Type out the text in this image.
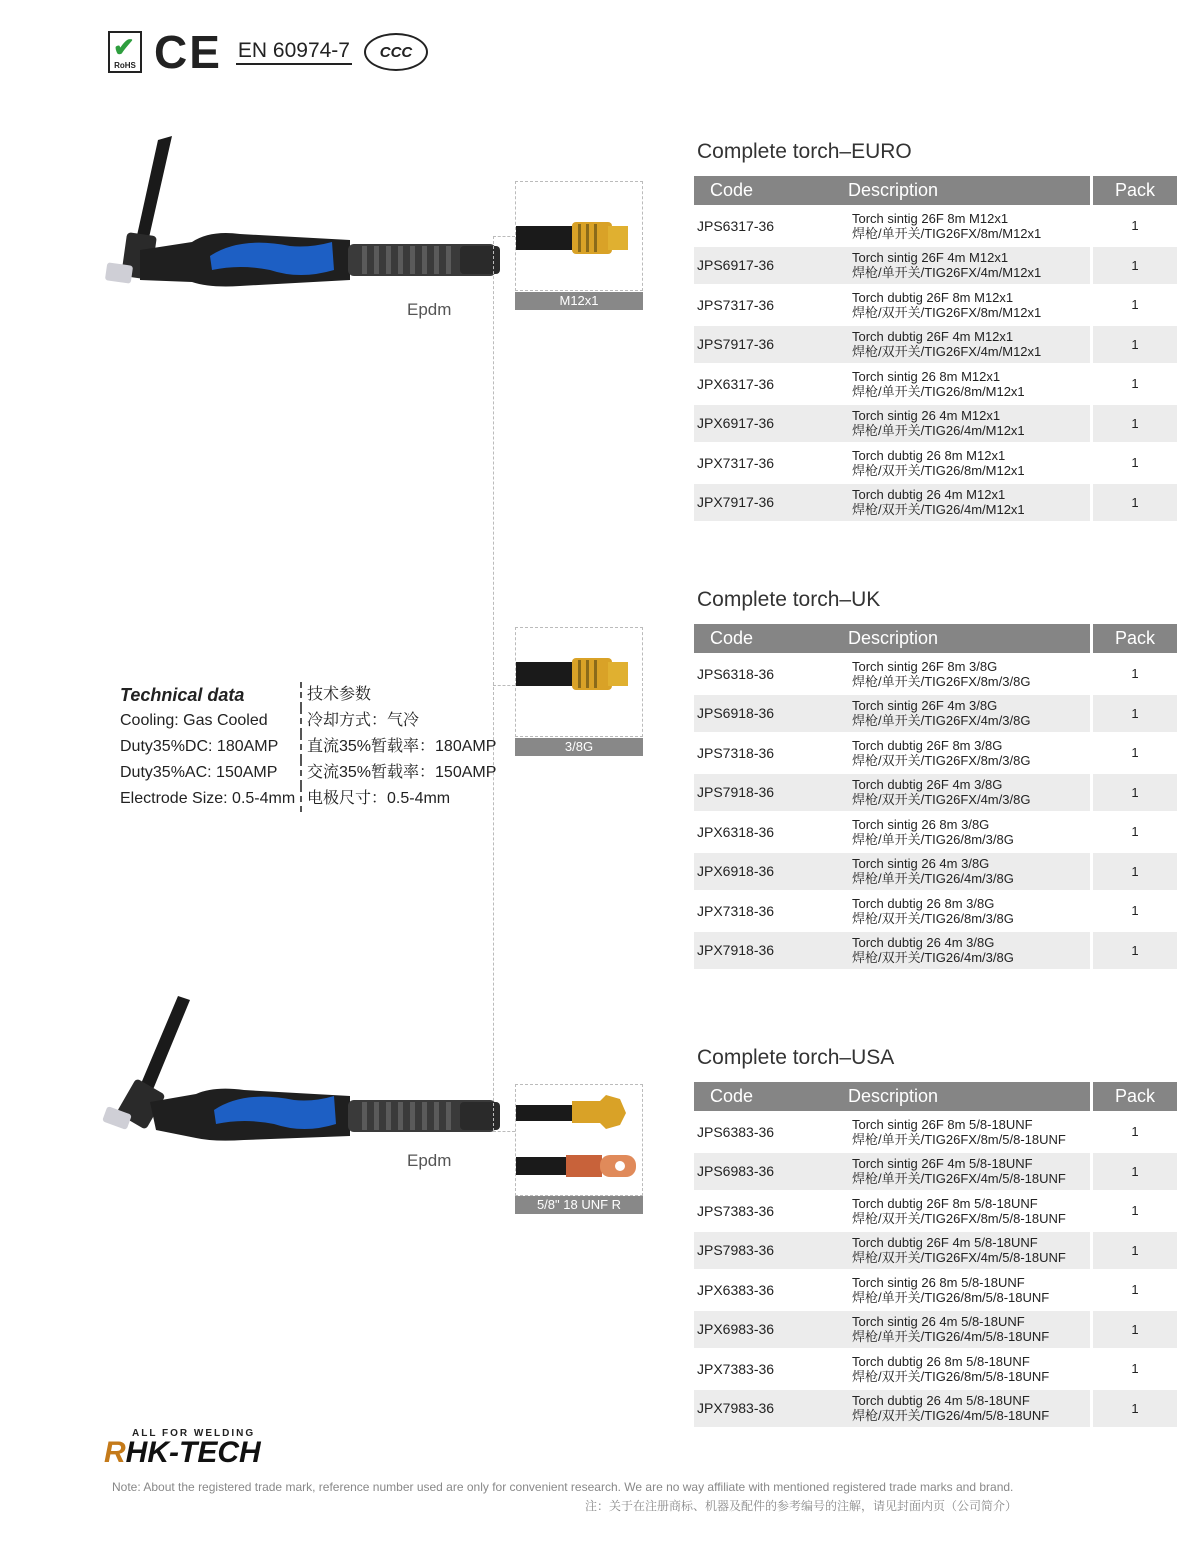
✔
RoHS CE EN 60974-7	CCC
Epdm
Epdm
M12x1
3/8G
5/8" 18 UNF R
Technical data	技术参数
Cooling: Gas Cooled	冷却方式：气冷
Duty35%DC: 180AMP	直流35%暂载率：180AMP
Duty35%AC: 150AMP	交流35%暂载率：150AMP
Electrode Size: 0.5-4mm 电极尺寸：0.5-4mm
Complete torch–EURO
Complete torch–UK
Complete torch–USA
Code	Description	Pack
JPS6317-36	Torch sintig 26F 8m M12x1
焊枪/单开关/TIG26FX/8m/M12x1	1
JPS6917-36	Torch sintig 26F 4m M12x1
焊枪/单开关/TIG26FX/4m/M12x1	1
JPS7317-36	Torch dubtig 26F 8m M12x1
焊枪/双开关/TIG26FX/8m/M12x1	1
JPS7917-36	Torch dubtig 26F 4m M12x1
焊枪/双开关/TIG26FX/4m/M12x1	1
JPX6317-36	Torch sintig 26 8m M12x1
焊枪/单开关/TIG26/8m/M12x1	1
JPX6917-36	Torch sintig 26 4m M12x1
焊枪/单开关/TIG26/4m/M12x1	1
JPX7317-36	Torch dubtig 26 8m M12x1
焊枪/双开关/TIG26/8m/M12x1	1
JPX7917-36	Torch dubtig 26 4m M12x1
焊枪/双开关/TIG26/4m/M12x1	1
Code	Description	Pack
JPS6318-36	Torch sintig 26F 8m 3/8G
焊枪/单开关/TIG26FX/8m/3/8G	1
JPS6918-36	Torch sintig 26F 4m 3/8G
焊枪/单开关/TIG26FX/4m/3/8G	1
JPS7318-36	Torch dubtig 26F 8m 3/8G
焊枪/双开关/TIG26FX/8m/3/8G	1
JPS7918-36	Torch dubtig 26F 4m 3/8G
焊枪/双开关/TIG26FX/4m/3/8G	1
JPX6318-36	Torch sintig 26 8m 3/8G
焊枪/单开关/TIG26/8m/3/8G	1
JPX6918-36	Torch sintig 26 4m 3/8G
焊枪/单开关/TIG26/4m/3/8G	1
JPX7318-36	Torch dubtig 26 8m 3/8G
焊枪/双开关/TIG26/8m/3/8G	1
JPX7918-36	Torch dubtig 26 4m 3/8G
焊枪/双开关/TIG26/4m/3/8G	1
Code	Description	Pack
JPS6383-36	Torch sintig 26F 8m 5/8-18UNF
焊枪/单开关/TIG26FX/8m/5/8-18UNF	1
JPS6983-36	Torch sintig 26F 4m 5/8-18UNF
焊枪/单开关/TIG26FX/4m/5/8-18UNF	1
JPS7383-36	Torch dubtig 26F 8m 5/8-18UNF
焊枪/双开关/TIG26FX/8m/5/8-18UNF	1
JPS7983-36	Torch dubtig 26F 4m 5/8-18UNF
焊枪/双开关/TIG26FX/4m/5/8-18UNF	1
JPX6383-36	Torch sintig 26 8m 5/8-18UNF
焊枪/单开关/TIG26/8m/5/8-18UNF	1
JPX6983-36	Torch sintig 26 4m 5/8-18UNF
焊枪/单开关/TIG26/4m/5/8-18UNF	1
JPX7383-36	Torch dubtig 26 8m 5/8-18UNF
焊枪/双开关/TIG26/8m/5/8-18UNF	1
JPX7983-36	Torch dubtig 26 4m 5/8-18UNF
焊枪/双开关/TIG26/4m/5/8-18UNF	1
ALL FOR WELDING
RHK-TECH
Note: About the registered trade mark, reference number used are only for convenient research. We are no way affiliate with mentioned registered trade marks and brand.
注：关于在注册商标、机器及配件的参考编号的注解，请见封面内页（公司简介）
